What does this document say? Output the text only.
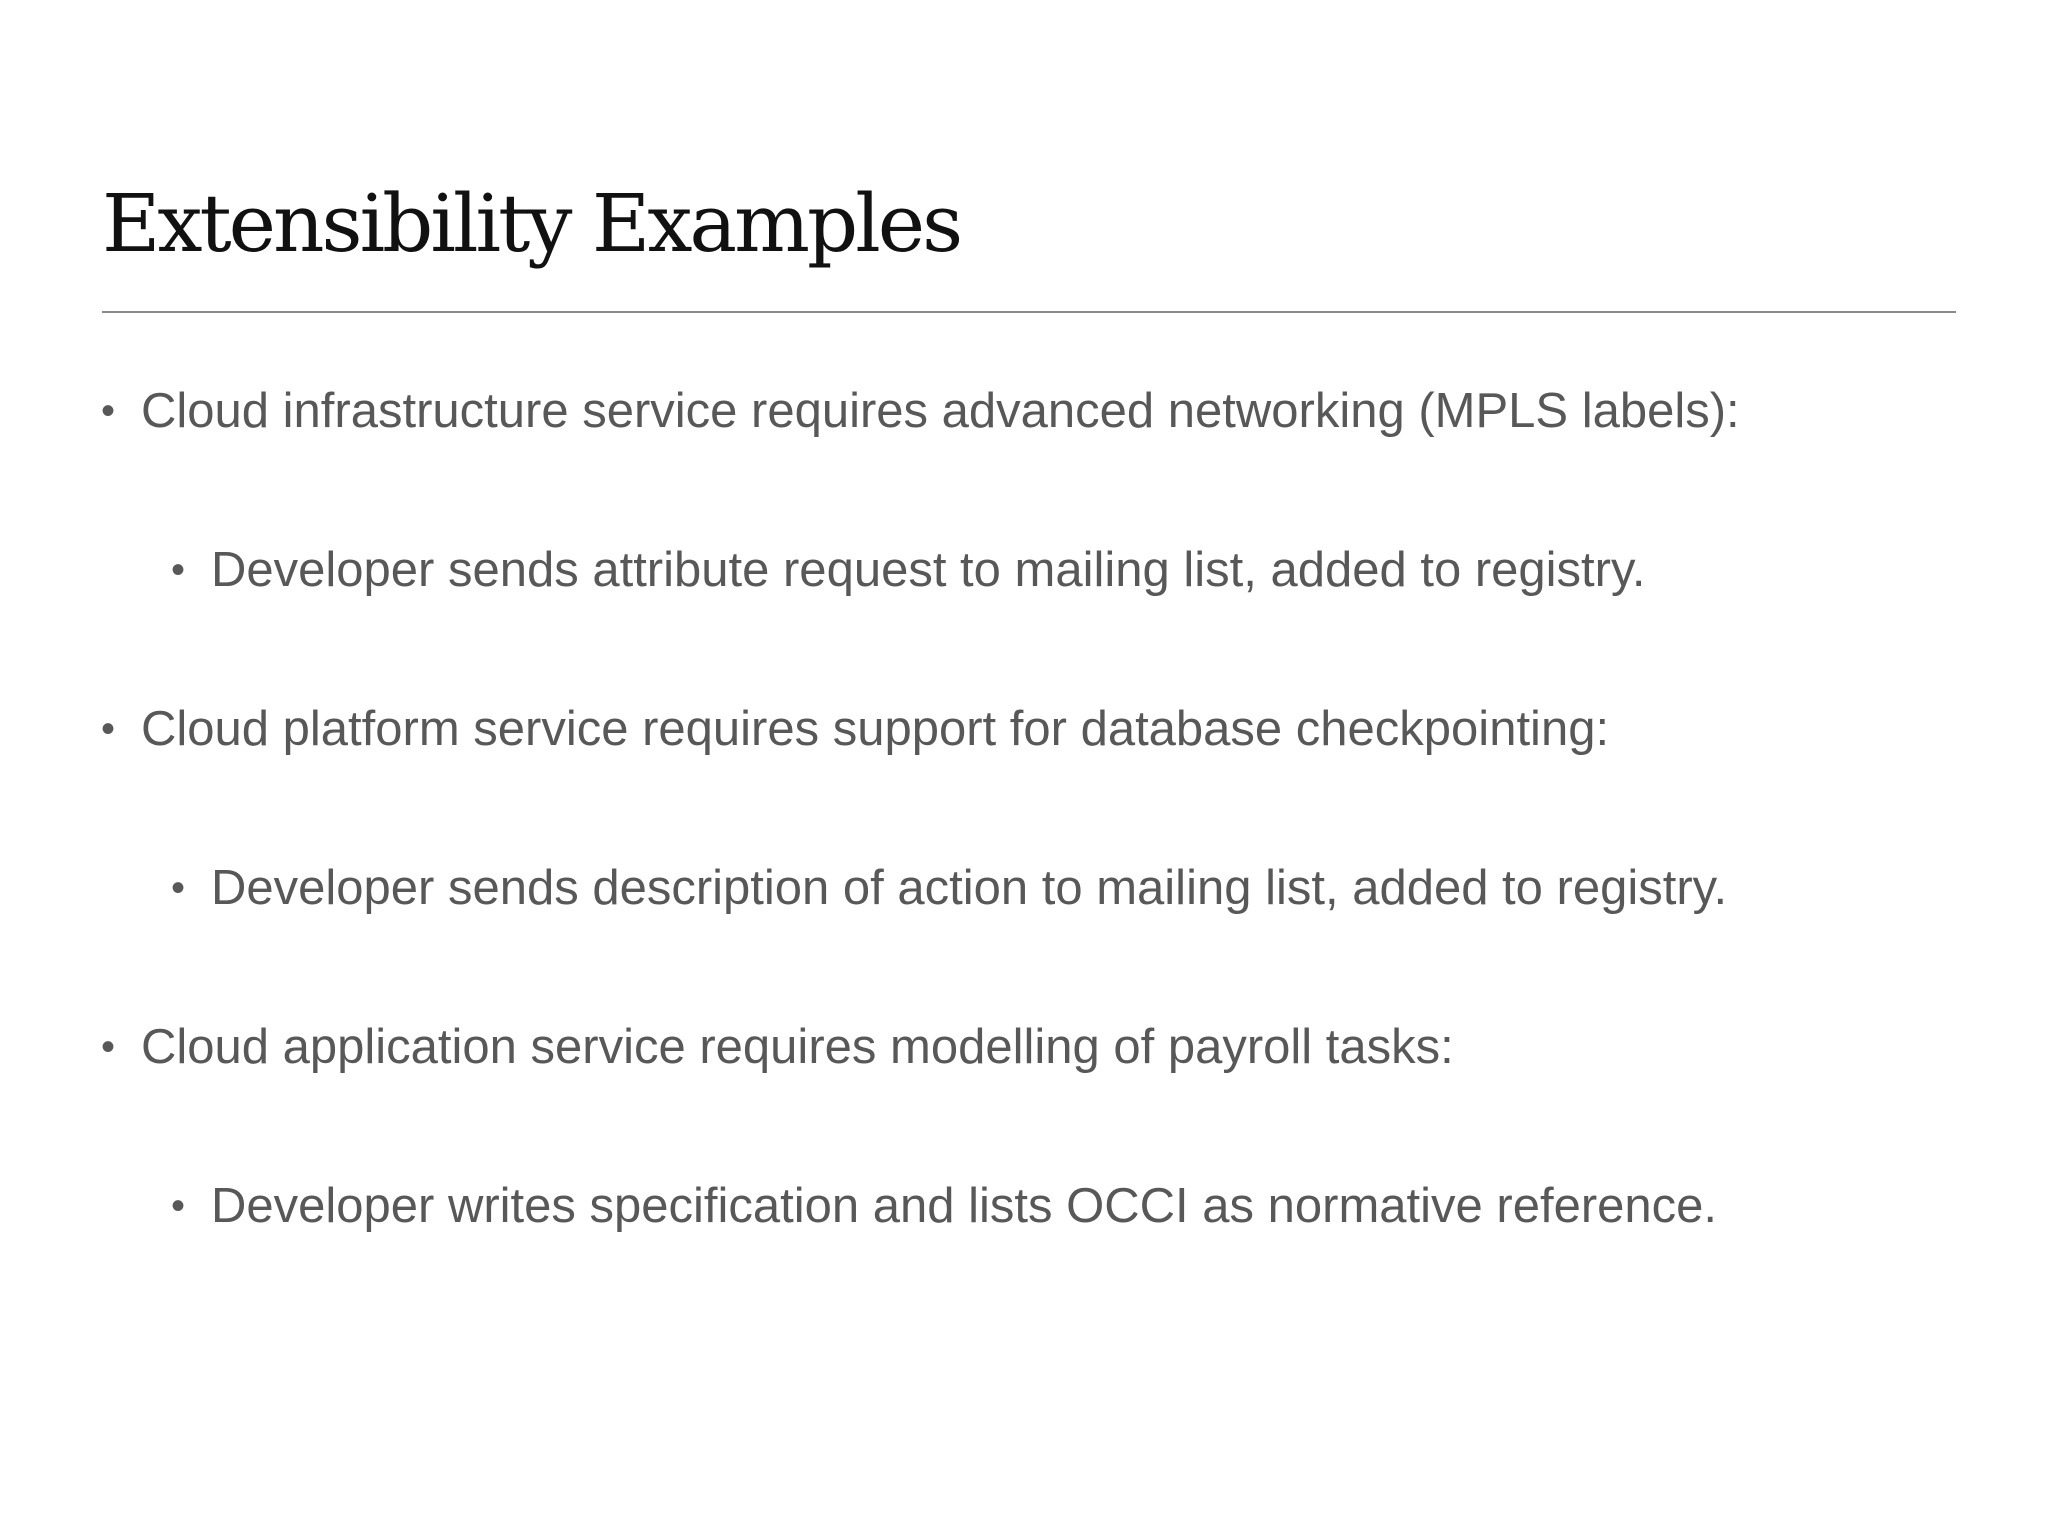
Extensibility Examples
• Cloud infrastructure service requires advanced networking (MPLS labels):
• Developer sends attribute request to mailing list, added to registry.
• Cloud platform service requires support for database checkpointing:
• Developer sends description of action to mailing list, added to registry.
• Cloud application service requires modelling of payroll tasks:
• Developer writes specification and lists OCCI as normative reference.
